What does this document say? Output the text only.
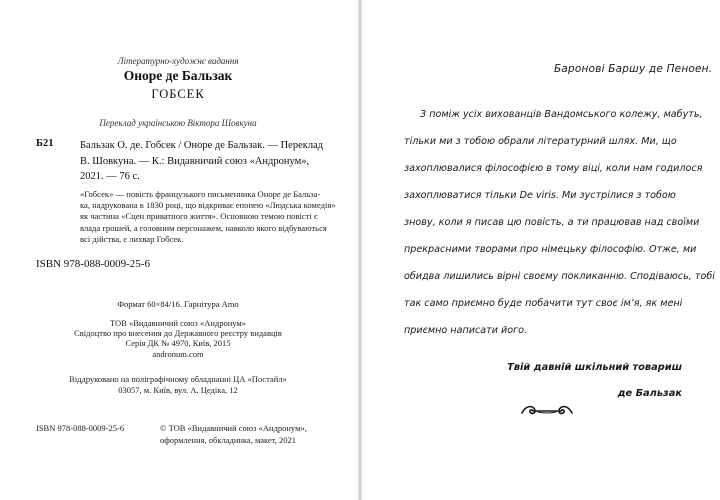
Літературно-художнє видання
Оноре де Бальзак
ГОБСЕК
Переклад українською Віктора Шовкуна
Б21	Бальзак О. де. Гобсек / Оноре де Бальзак. — Переклад
В. Шовкуна. — К.: Видавничий союз «Андронум»,
2021. — 76 с.
«Гобсек» — повість французького письменника Оноре де Бальза-
ка, надрукована в 1830 році, що відкриває епопею «Людська комедія»
як частина «Сцен приватного життя». Основною темою повісті є
влада грошей, а головним персонажем, навколо якого відбуваються
всі дійства, є лихвар Гобсек.
ISBN 978-088-0009-25-6
Формат 60×84/16. Гарнітура Amo
ТОВ «Видавничий союз «Андронум»
Свідоцтво про внесення до Державного реєстру видавців
Серія ДК № 4970, Київ, 2015
andronum.com
Віддруковано на поліграфічному обладнанні ЦА «Постайл»
03057, м. Київ, вул. А. Цедіка, 12
ISBN 978-088-0009-25-6	© ТОВ «Видавничий союз «Андронум»,
оформлення, обкладинка, макет, 2021
Бароновi Баршу де Пеноен.
З поміж усіх вихованців Вандомського колежу, мабуть,
тільки ми з тобою обрали літературний шлях. Ми, що
захоплювалися філософією в тому віці, коли нам годилося
захоплюватися тільки De viris. Ми зустрілися з тобою
знову, коли я писав цю повість, а ти працював над своїми
прекрасними творами про німецьку філософію. Отже, ми
обидва лишились вірні своєму покликанню. Сподіваюсь, тобі
так само приємно буде побачити тут своє ім’я, як мені
приємно написати його.
Твій давній шкільний товариш
де Бальзак
